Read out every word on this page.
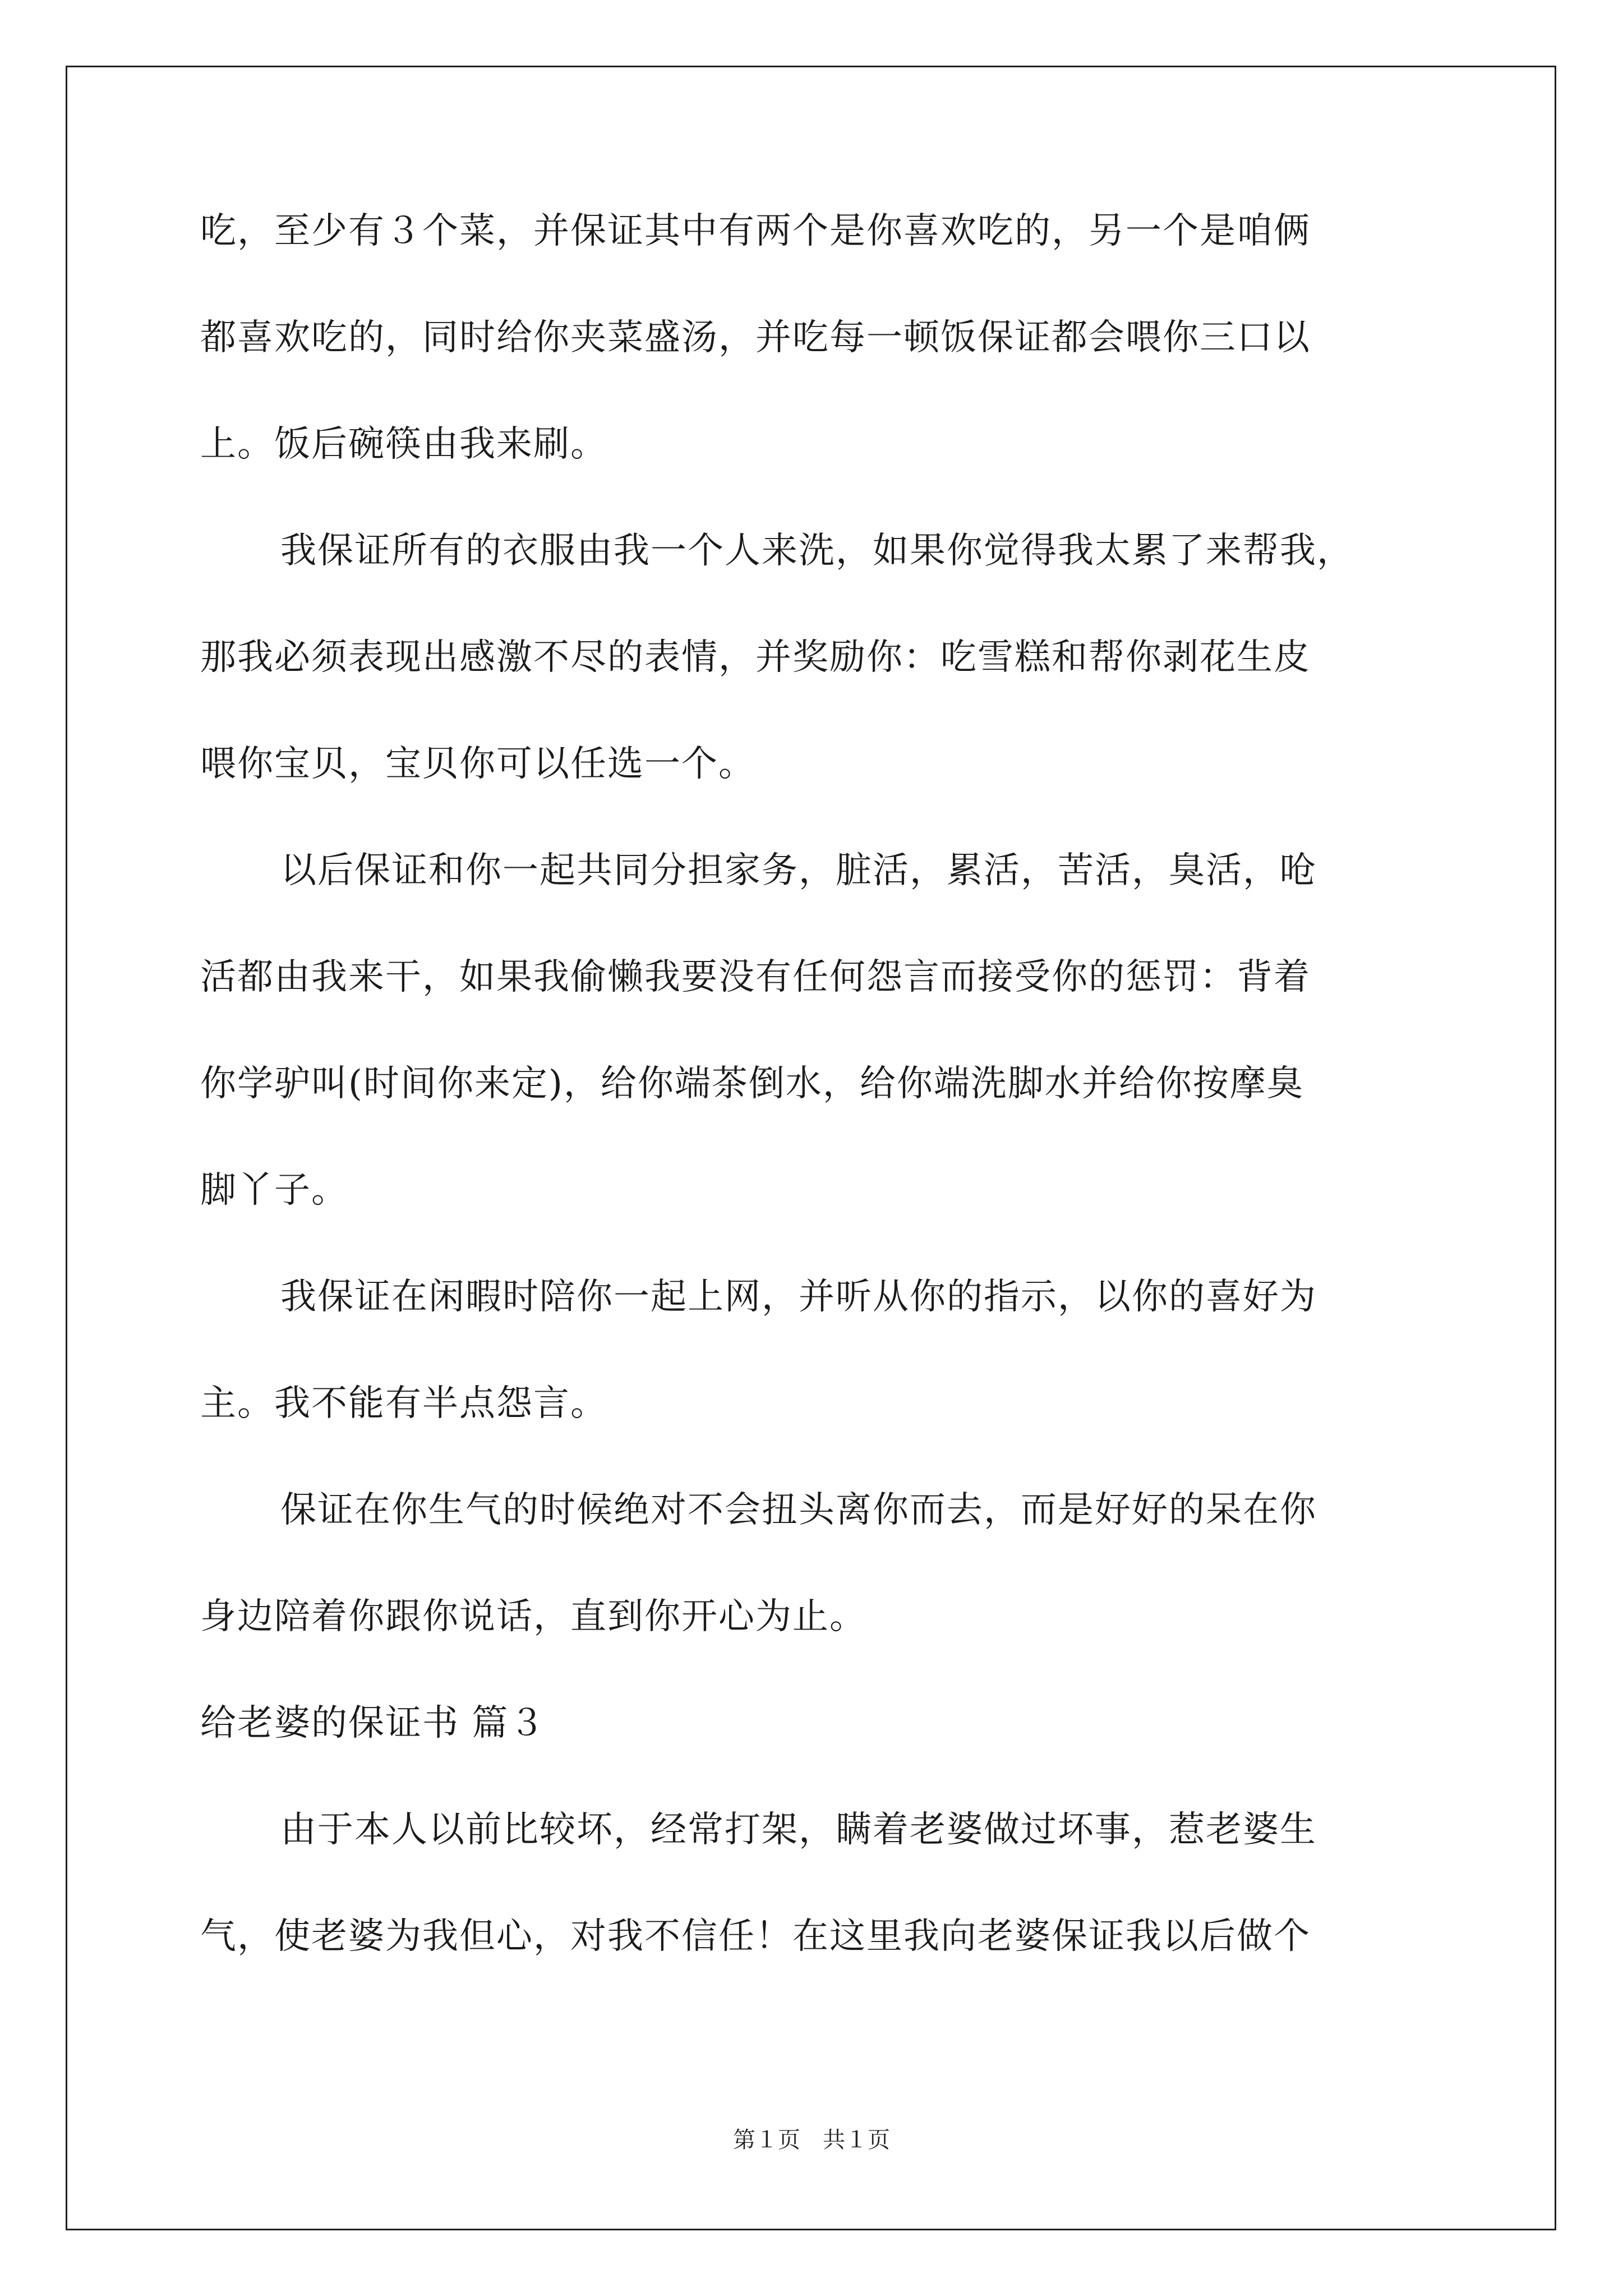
吃，至少有３个菜，并保证其中有两个是你喜欢吃的，另一个是咱俩
都喜欢吃的，同时给你夹菜盛汤，并吃每一顿饭保证都会喂你三口以
上。饭后碗筷由我来刷。
我保证所有的衣服由我一个人来洗，如果你觉得我太累了来帮我，
那我必须表现出感激不尽的表情，并奖励你：吃雪糕和帮你剥花生皮
喂你宝贝，宝贝你可以任选一个。
以后保证和你一起共同分担家务，脏活，累活，苦活，臭活，呛
活都由我来干，如果我偷懒我要没有任何怨言而接受你的惩罚：背着
你学驴叫(时间你来定)，给你端茶倒水，给你端洗脚水并给你按摩臭
脚丫子。
我保证在闲暇时陪你一起上网，并听从你的指示，以你的喜好为
主。我不能有半点怨言。
保证在你生气的时候绝对不会扭头离你而去，而是好好的呆在你
身边陪着你跟你说话，直到你开心为止。
给老婆的保证书 篇３
由于本人以前比较坏，经常打架，瞒着老婆做过坏事，惹老婆生
气，使老婆为我但心，对我不信任！在这里我向老婆保证我以后做个
第１页　共１页
